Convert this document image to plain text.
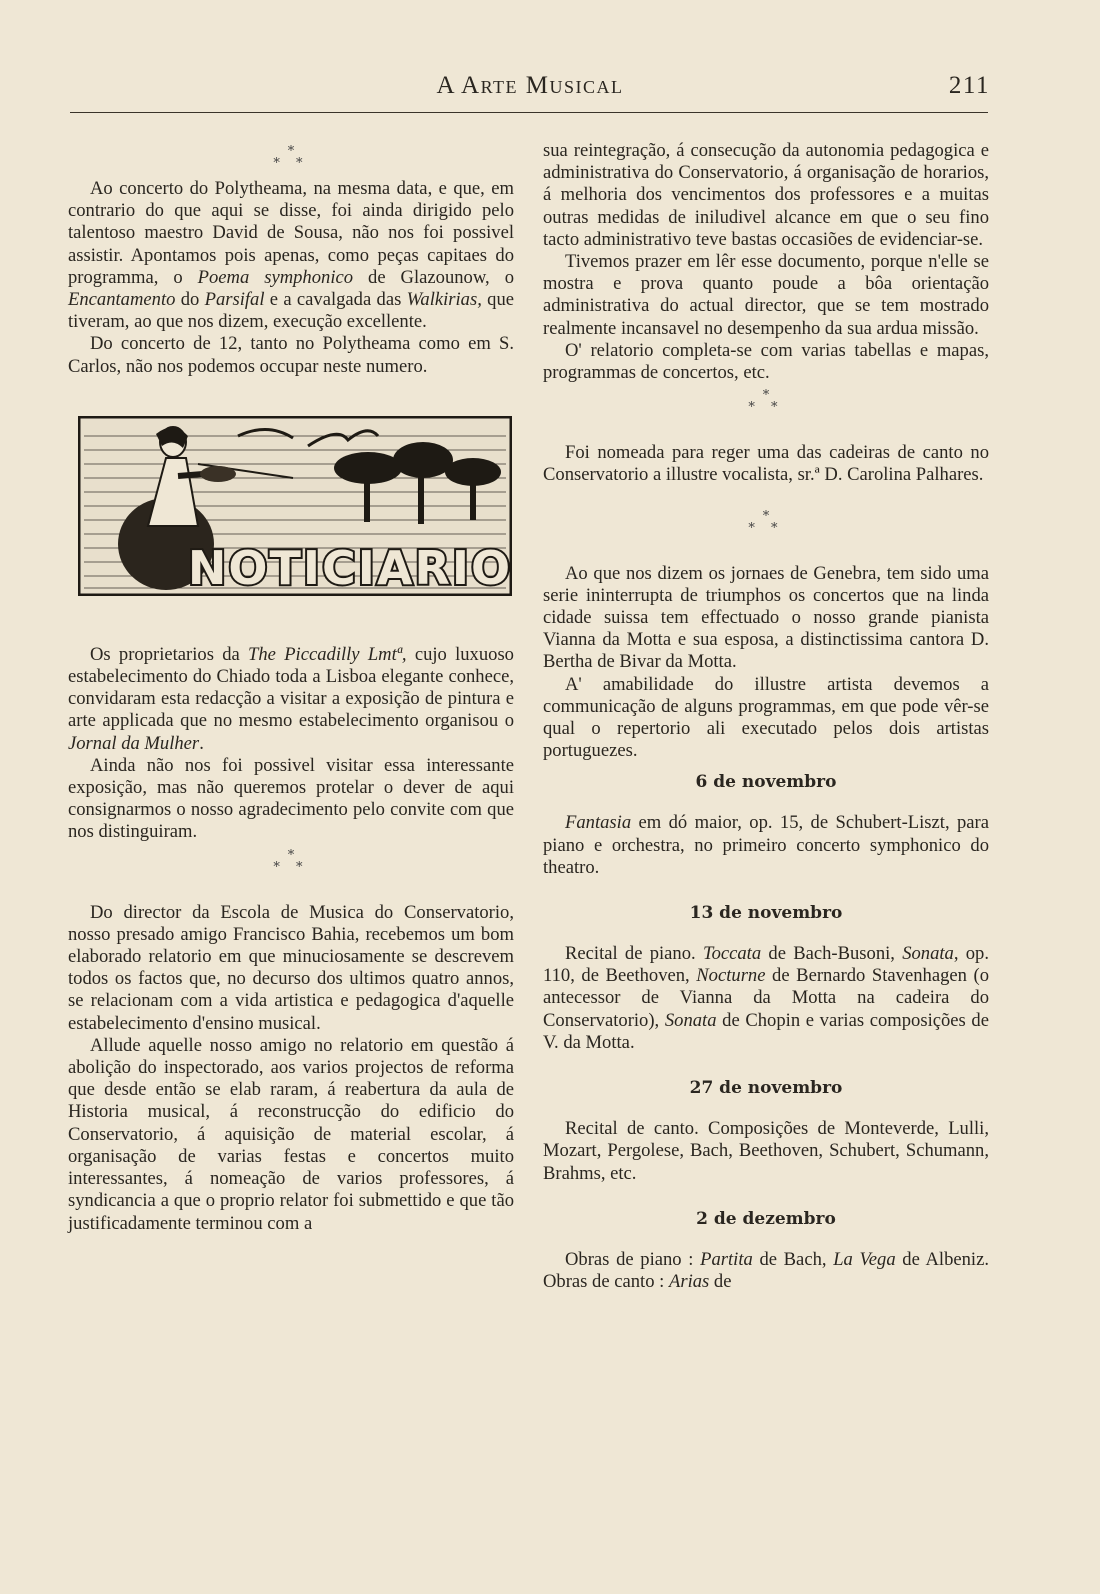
A Arte Musical	211
*
* *

Ao concerto do Polytheama, na mesma data, e que, em contrario do que aqui se disse, foi ainda dirigido pelo talentoso maestro David de Sousa, não nos foi possivel assistir. Apontamos pois apenas, como peças capitaes do programma, o Poema symphonico de Glazounow, o Encantamento do Parsifal e a cavalgada das Walkirias, que tiveram, ao que nos dizem, execução excellente.

Do concerto de 12, tanto no Polytheama como em S. Carlos, não nos podemos occupar neste numero.

NOTICIARIO

Os proprietarios da The Piccadilly Lmtª, cujo luxuoso estabelecimento do Chiado toda a Lisboa elegante conhece, convidaram esta redacção a visitar a exposição de pintura e arte applicada que no mesmo estabelecimento organisou o Jornal da Mulher.

Ainda não nos foi possivel visitar essa interessante exposição, mas não queremos protelar o dever de aqui consignarmos o nosso agradecimento pelo convite com que nos distinguiram.

*
* *

Do director da Escola de Musica do Conservatorio, nosso presado amigo Francisco Bahia, recebemos um bom elaborado relatorio em que minuciosamente se descrevem todos os factos que, no decurso dos ultimos quatro annos, se relacionam com a vida artistica e pedagogica d'aquelle estabelecimento d'ensino musical.

Allude aquelle nosso amigo no relatorio em questão á abolição do inspectorado, aos varios projectos de reforma que desde então se elab raram, á reabertura da aula de Historia musical, á reconstrucção do edificio do Conservatorio, á aquisição de material escolar, á organisação de varias festas e concertos muito interessantes, á nomeação de varios professores, á syndicancia a que o proprio relator foi submettido e que tão justificadamente terminou com a

sua reintegração, á consecução da autonomia pedagogica e administrativa do Conservatorio, á organisação de horarios, á melhoria dos vencimentos dos professores e a muitas outras medidas de iniludivel alcance em que o seu fino tacto administrativo teve bastas occasiões de evidenciar-se.

Tivemos prazer em lêr esse documento, porque n'elle se mostra e prova quanto poude a bôa orientação administrativa do actual director, que se tem mostrado realmente incansavel no desempenho da sua ardua missão.

O' relatorio completa-se com varias tabellas e mapas, programmas de concertos, etc.

*
* *

Foi nomeada para reger uma das cadeiras de canto no Conservatorio a illustre vocalista, sr.ª D. Carolina Palhares.

*
* *

Ao que nos dizem os jornaes de Genebra, tem sido uma serie ininterrupta de triumphos os concertos que na linda cidade suissa tem effectuado o nosso grande pianista Vianna da Motta e sua esposa, a distinctissima cantora D. Bertha de Bivar da Motta.

A' amabilidade do illustre artista devemos a communicação de alguns programmas, em que pode vêr-se qual o repertorio ali executado pelos dois artistas portuguezes.

6 de novembro

Fantasia em dó maior, op. 15, de Schubert-Liszt, para piano e orchestra, no primeiro concerto symphonico do theatro.

13 de novembro

Recital de piano. Toccata de Bach-Busoni, Sonata, op. 110, de Beethoven, Nocturne de Bernardo Stavenhagen (o antecessor de Vianna da Motta na cadeira do Conservatorio), Sonata de Chopin e varias composições de V. da Motta.

27 de novembro

Recital de canto. Composições de Monteverde, Lulli, Mozart, Pergolese, Bach, Beethoven, Schubert, Schumann, Brahms, etc.

2 de dezembro

Obras de piano : Partita de Bach, La Vega de Albeniz. Obras de canto : Arias de
